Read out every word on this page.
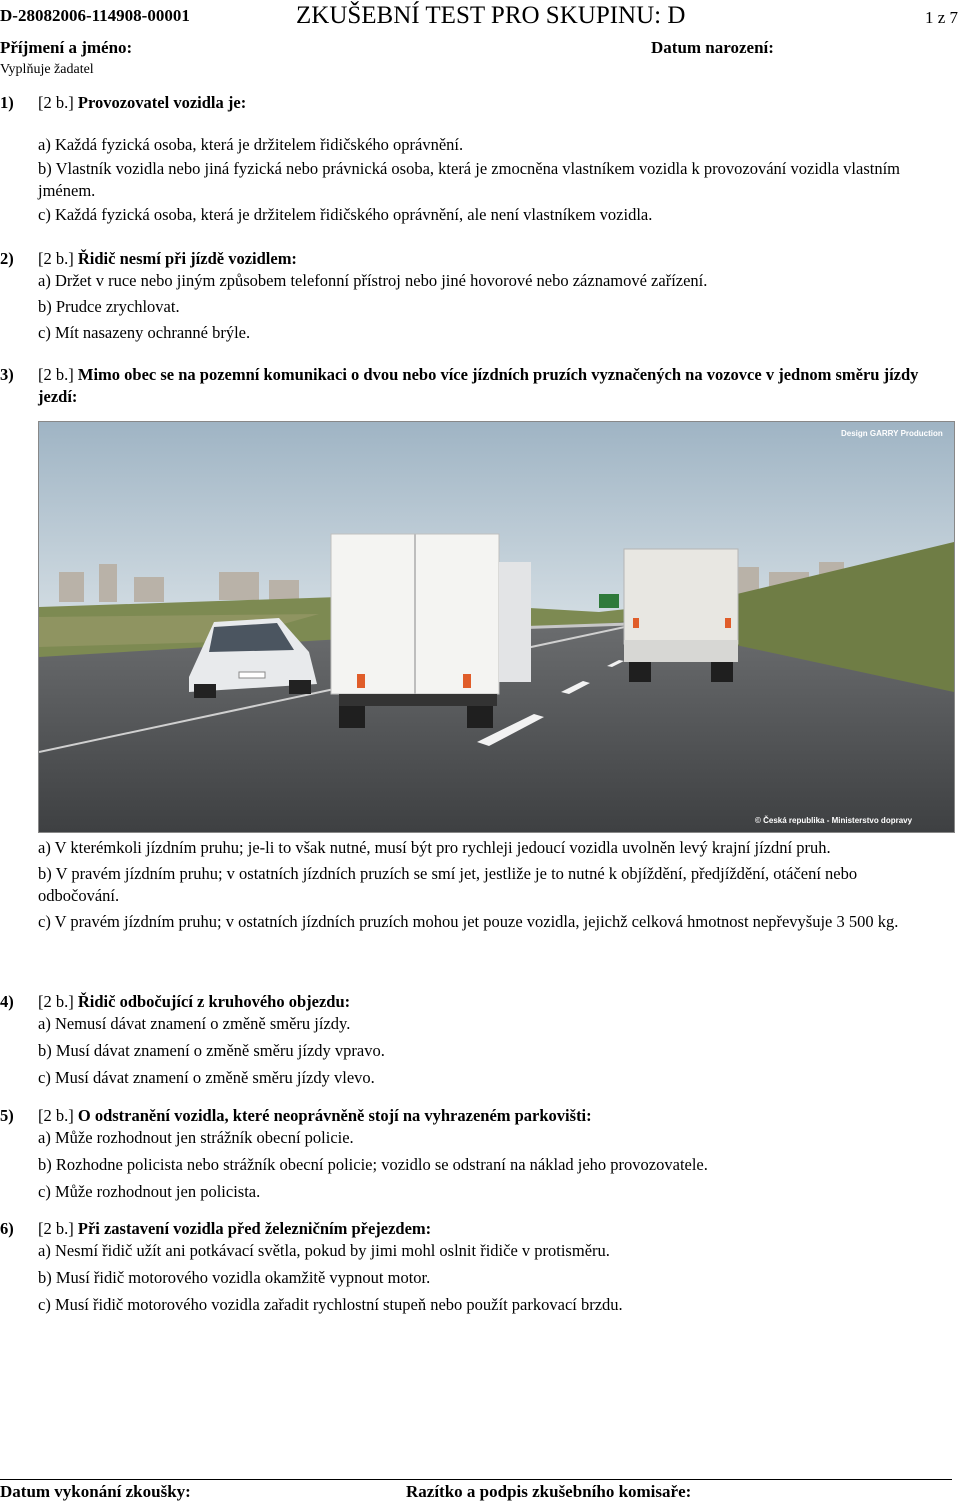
D-28082006-114908-00001	ZKUŠEBNÍ TEST PRO SKUPINU: D	1 z 7
Příjmení a jméno:	Datum narození:
Vyplňuje žadatel
1) [2 b.] Provozovatel vozidla je:
a) Každá fyzická osoba, která je držitelem řidičského oprávnění.
b) Vlastník vozidla nebo jiná fyzická nebo právnická osoba, která je zmocněna vlastníkem vozidla k provozování vozidla vlastním jménem.
c) Každá fyzická osoba, která je držitelem řidičského oprávnění, ale není vlastníkem vozidla.
2) [2 b.] Řidič nesmí při jízdě vozidlem:
a) Držet v ruce nebo jiným způsobem telefonní přístroj nebo jiné hovorové nebo záznamové zařízení.
b) Prudce zrychlovat.
c) Mít nasazeny ochranné brýle.
3) [2 b.] Mimo obec se na pozemní komunikaci o dvou nebo více jízdních pruzích vyznačených na vozovce v jednom směru jízdy jezdí:
Design GARRY Production
© Česká republika - Ministerstvo dopravy
a) V kterémkoli jízdním pruhu; je-li to však nutné, musí být pro rychleji jedoucí vozidla uvolněn levý krajní jízdní pruh.
b) V pravém jízdním pruhu; v ostatních jízdních pruzích se smí jet, jestliže je to nutné k objíždění, předjíždění, otáčení nebo odbočování.
c) V pravém jízdním pruhu; v ostatních jízdních pruzích mohou jet pouze vozidla, jejichž celková hmotnost nepřevyšuje 3 500 kg.
4) [2 b.] Řidič odbočující z kruhového objezdu:
a) Nemusí dávat znamení o změně směru jízdy.
b) Musí dávat znamení o změně směru jízdy vpravo.
c) Musí dávat znamení o změně směru jízdy vlevo.
5) [2 b.] O odstranění vozidla, které neoprávněně stojí na vyhrazeném parkovišti:
a) Může rozhodnout jen strážník obecní policie.
b) Rozhodne policista nebo strážník obecní policie; vozidlo se odstraní na náklad jeho provozovatele.
c) Může rozhodnout jen policista.
6) [2 b.] Při zastavení vozidla před železničním přejezdem:
a) Nesmí řidič užít ani potkávací světla, pokud by jimi mohl oslnit řidiče v protisměru.
b) Musí řidič motorového vozidla okamžitě vypnout motor.
c) Musí řidič motorového vozidla zařadit rychlostní stupeň nebo použít parkovací brzdu.
Datum vykonání zkoušky:	Razítko a podpis zkušebního komisaře:
